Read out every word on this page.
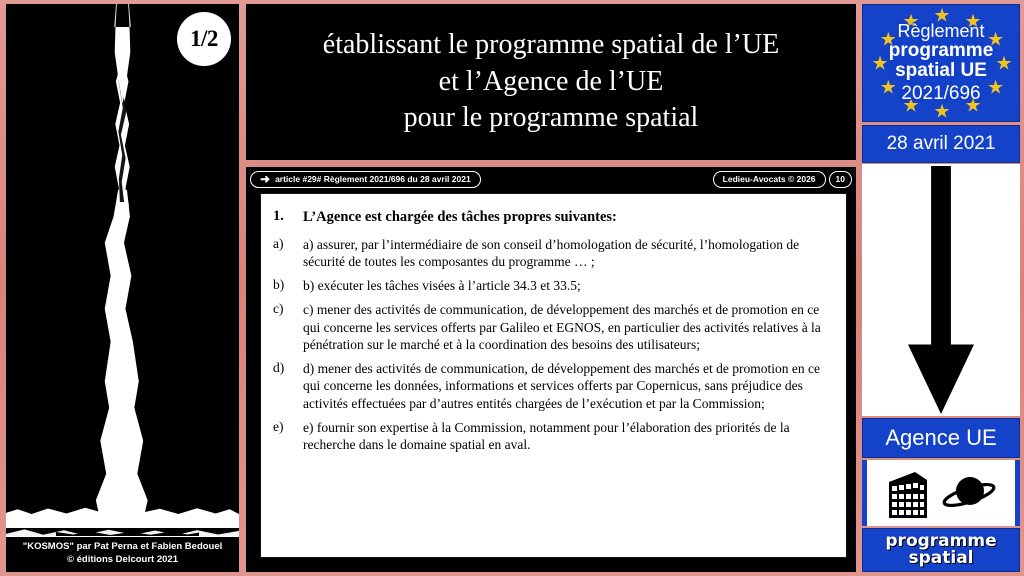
1/2
"KOSMOS" par Pat Perna et Fabien Bedouel
© éditions Delcourt 2021
établissant le programme spatial de l’UE
et l’Agence de l’UE
pour le programme spatial
➜ article #29# Règlement 2021/696 du 28 avril 2021	Ledieu-Avocats © 2026	10
1.	L’Agence est chargée des tâches propres suivantes:
a)	a) assurer, par l’intermédiaire de son conseil d’homologation de sécurité, l’homologation de sécurité de toutes les composantes du programme … ;
b)	b) exécuter les tâches visées à l’article 34.3 et 33.5;
c)	c) mener des activités de communication, de développement des marchés et de promotion en ce qui concerne les services offerts par Galileo et EGNOS, en particulier des activités relatives à la pénétration sur le marché et à la coordination des besoins des utilisateurs;
d)	d) mener des activités de communication, de développement des marchés et de promotion en ce qui concerne les données, informations et services offerts par Copernicus, sans préjudice des activités effectuées par d’autres entités chargées de l’exécution et par la Commission;
e)	e) fournir son expertise à la Commission, notamment pour l’élaboration des priorités de la recherche dans le domaine spatial en aval.
Règlement
programme
spatial UE
2021/696
28 avril 2021
Agence UE
programme
spatial
